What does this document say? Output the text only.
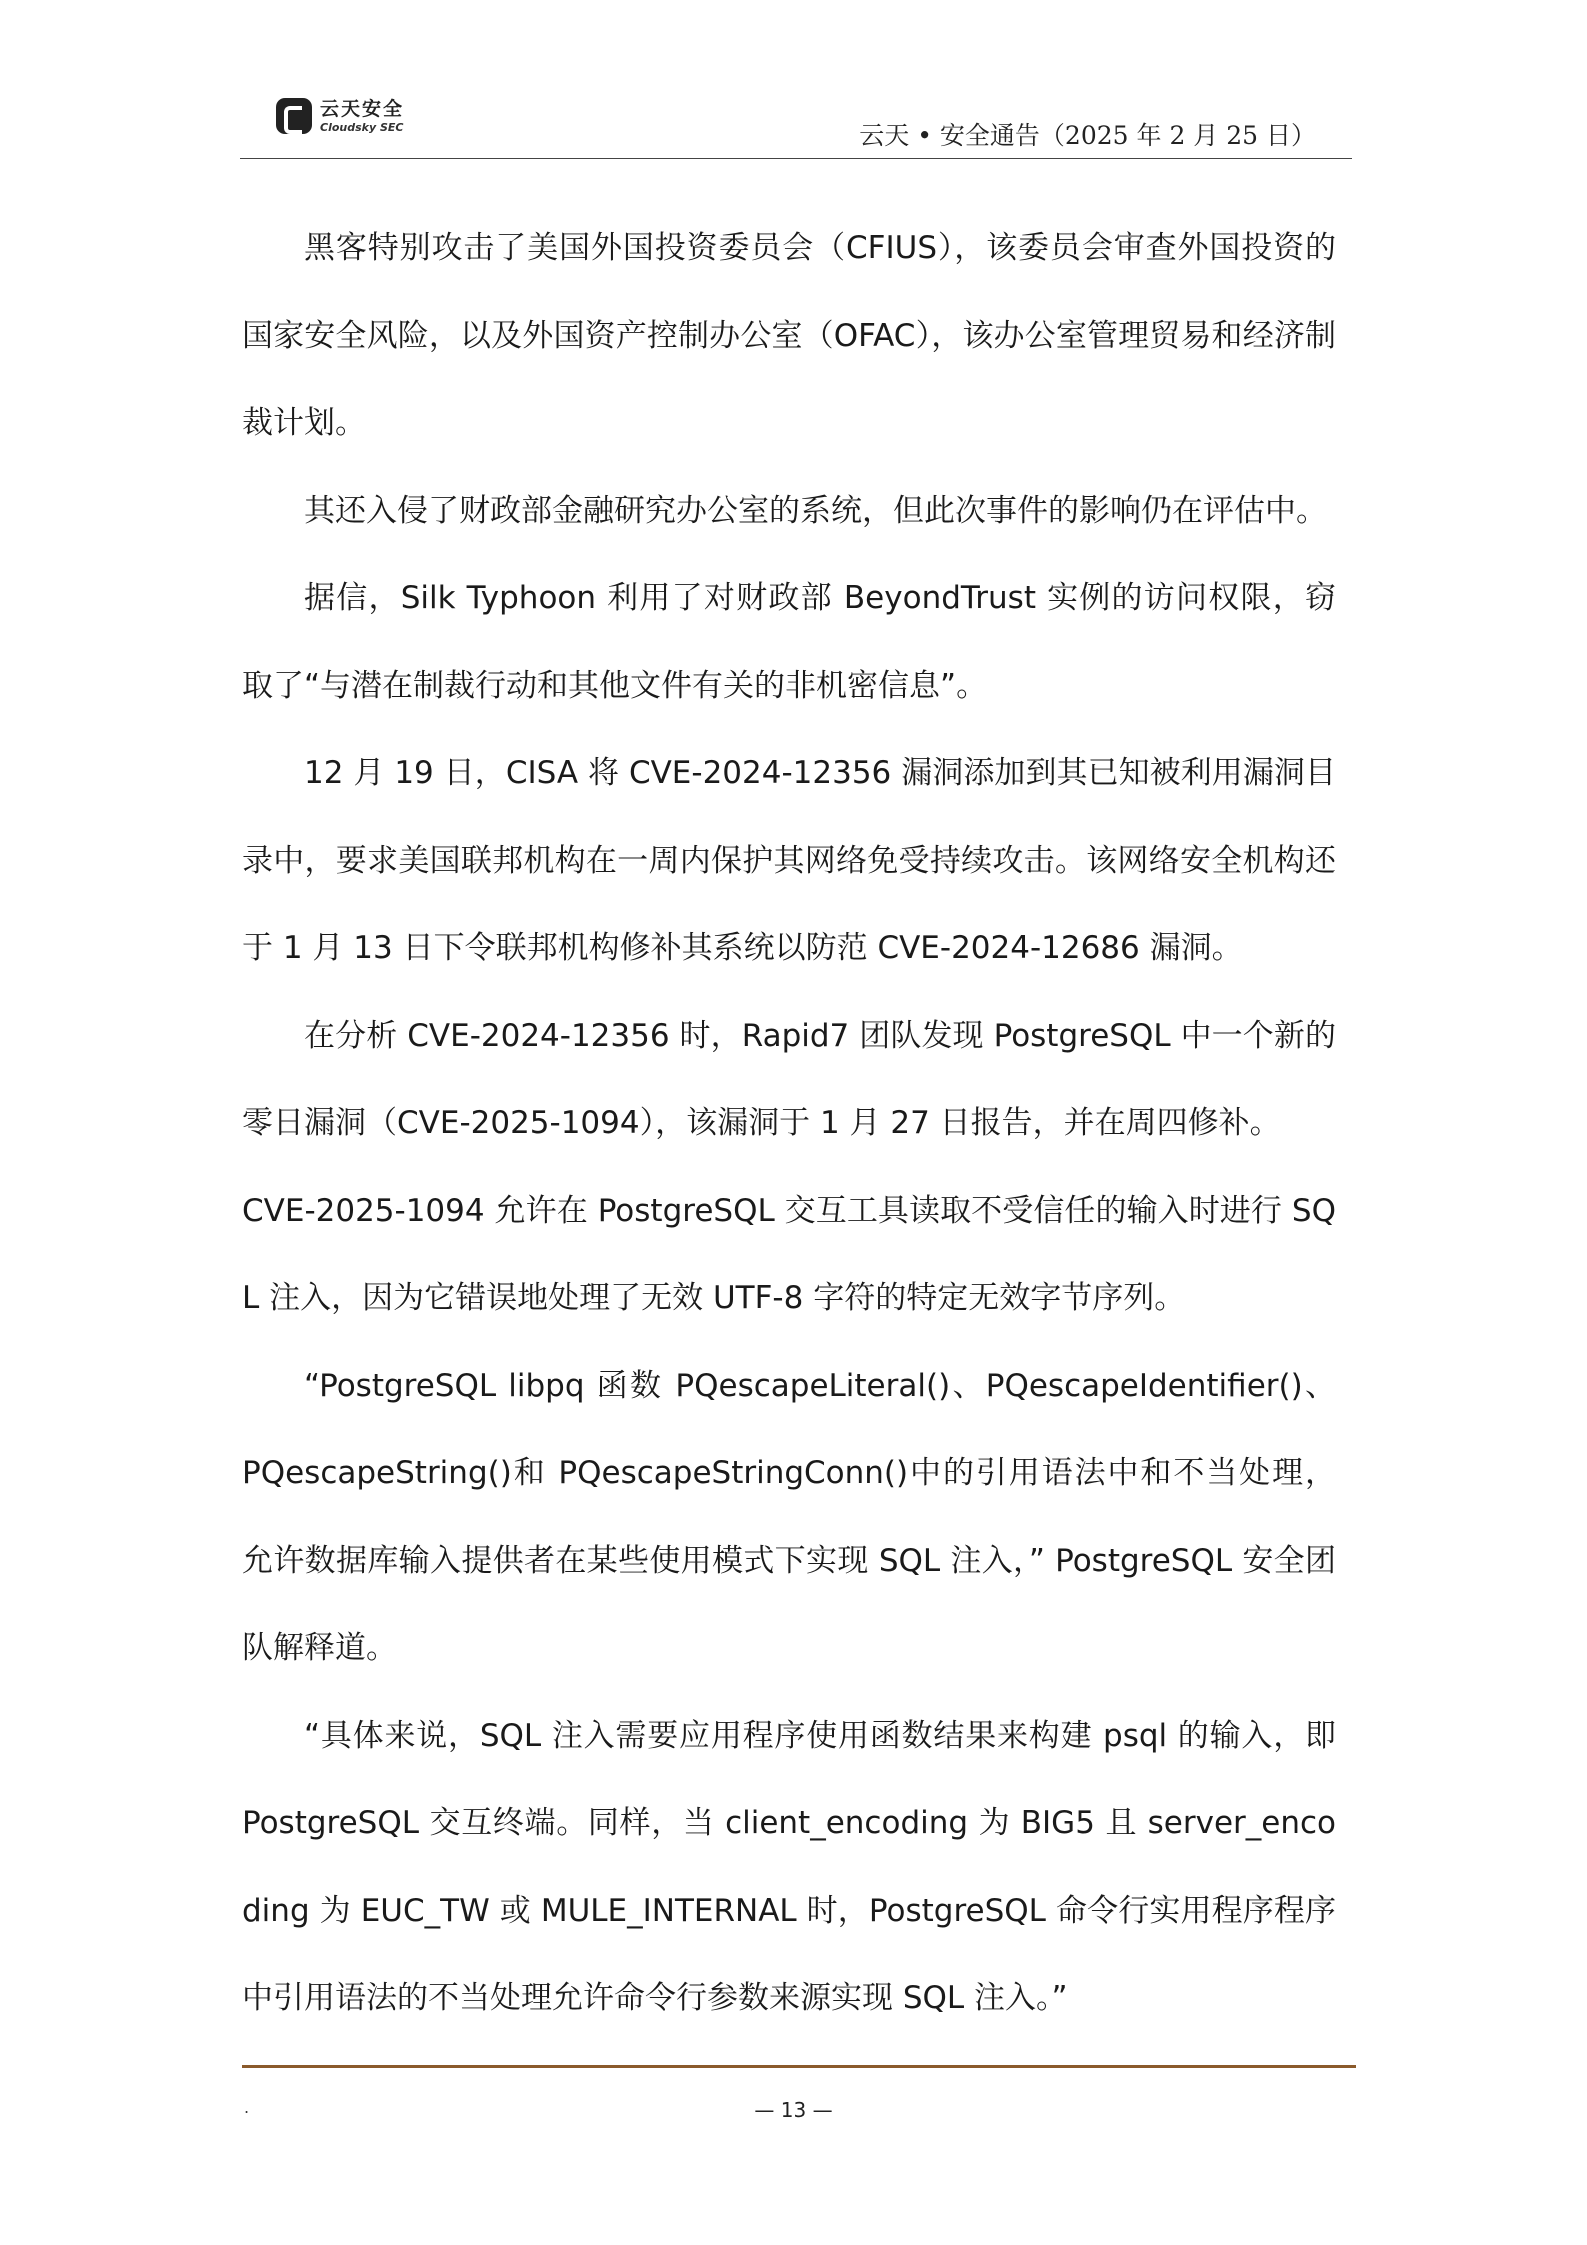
云天安全
Cloudsky SEC	云天 • 安全通告（2025 年 2 月 25 日）

黑客特别攻击了美国外国投资委员会（CFIUS），该委员会审查外国投资的国家安全风险，以及外国资产控制办公室（OFAC），该办公室管理贸易和经济制裁计划。

其还入侵了财政部金融研究办公室的系统，但此次事件的影响仍在评估中。

据信，Silk Typhoon 利用了对财政部 BeyondTrust 实例的访问权限，窃取了“与潜在制裁行动和其他文件有关的非机密信息”。

12 月 19 日，CISA 将 CVE-2024-12356 漏洞添加到其已知被利用漏洞目录中，要求美国联邦机构在一周内保护其网络免受持续攻击。该网络安全机构还于 1 月 13 日下令联邦机构修补其系统以防范 CVE-2024-12686 漏洞。

在分析 CVE-2024-12356 时，Rapid7 团队发现 PostgreSQL 中一个新的零日漏洞（CVE-2025-1094），该漏洞于 1 月 27 日报告，并在周四修补。

CVE-2025-1094 允许在 PostgreSQL 交互工具读取不受信任的输入时进行 SQL 注入，因为它错误地处理了无效 UTF-8 字符的特定无效字节序列。

“PostgreSQL libpq 函数 PQescapeLiteral()、PQescapeIdentifier()、PQescapeString()和 PQescapeStringConn()中的引用语法中和不当处理，允许数据库输入提供者在某些使用模式下实现 SQL 注入，” PostgreSQL 安全团队解释道。

“具体来说，SQL 注入需要应用程序使用函数结果来构建 psql 的输入，即 PostgreSQL 交互终端。同样，当 client_encoding 为 BIG5 且 server_encoding 为 EUC_TW 或 MULE_INTERNAL 时，PostgreSQL 命令行实用程序程序中引用语法的不当处理允许命令行参数来源实现 SQL 注入。”

.	— 13 —
